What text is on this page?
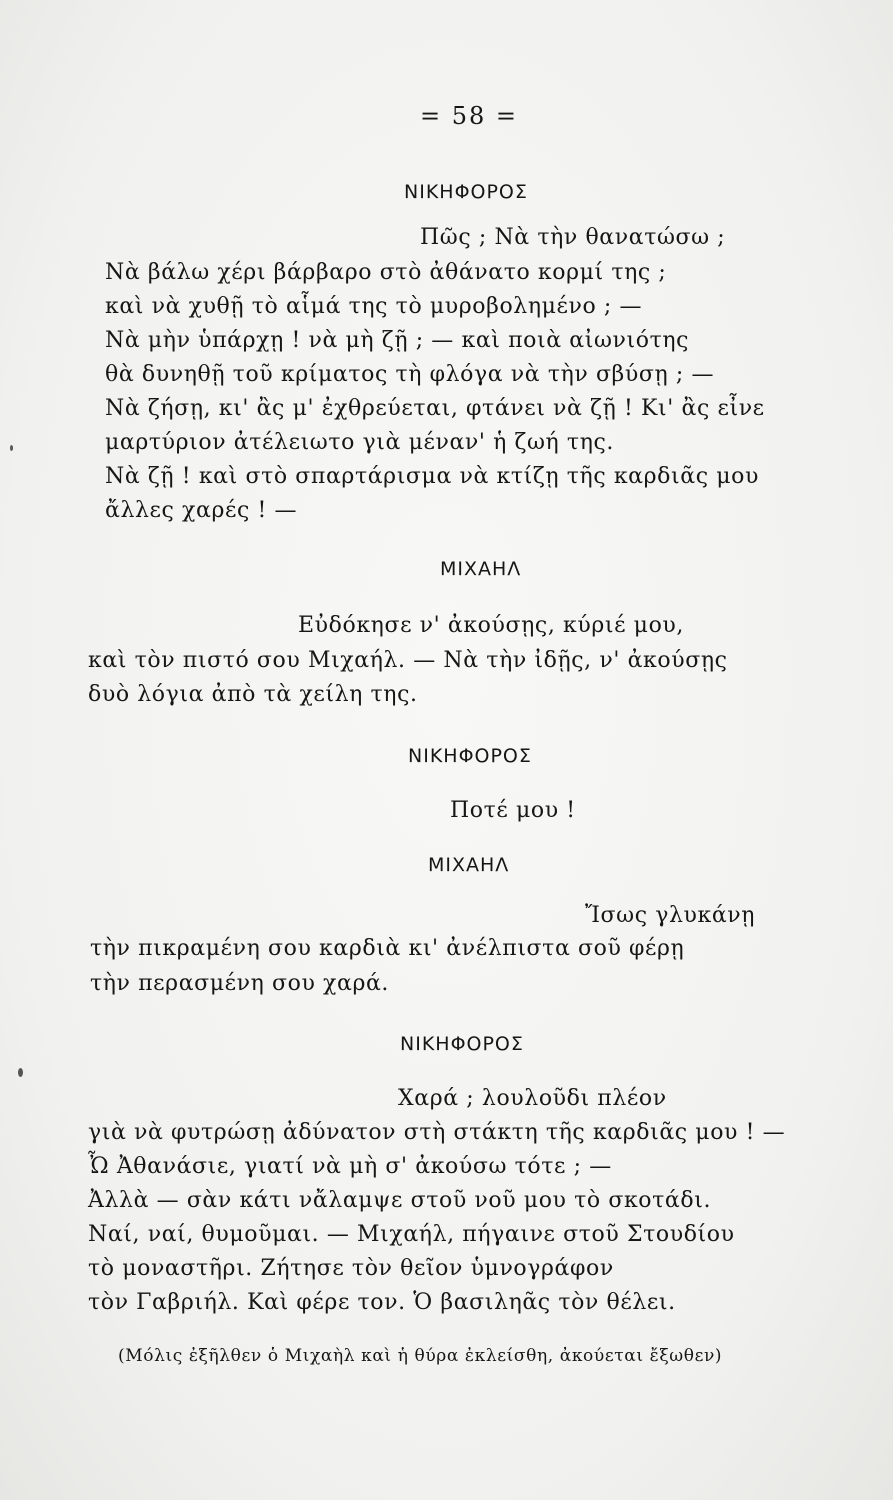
= 58 =
ΝΙΚΗΦΟΡΟΣ
Πῶς ; Νὰ τὴν θανατώσω ;
Νὰ βάλω χέρι βάρβαρο στὸ ἀθάνατο κορμί της ;
καὶ νὰ χυθῇ τὸ αἷμά της τὸ μυροβολημένο ; —
Νὰ μὴν ὑπάρχῃ ! νὰ μὴ ζῇ ; — καὶ ποιὰ αἰωνιότης
θὰ δυνηθῇ τοῦ κρίματος τὴ φλόγα νὰ τὴν σβύσῃ ; —
Νὰ ζήσῃ, κι' ἂς μ' ἐχθρεύεται, φτάνει νὰ ζῇ ! Κι' ἂς εἶνε
μαρτύριον ἀτέλειωτο γιὰ μέναν' ἡ ζωή της.
Νὰ ζῇ ! καὶ στὸ σπαρτάρισμα νὰ κτίζῃ τῆς καρδιᾶς μου
ἄλλες χαρές ! —
ΜΙΧΑΗΛ
Εὐδόκησε ν' ἀκούσῃς, κύριέ μου,
καὶ τὸν πιστό σου Μιχαήλ. — Νὰ τὴν ἰδῇς, ν' ἀκούσῃς
δυὸ λόγια ἀπὸ τὰ χείλη της.
ΝΙΚΗΦΟΡΟΣ
Ποτέ μου !
ΜΙΧΑΗΛ
Ἴσως γλυκάνῃ
τὴν πικραμένη σου καρδιὰ κι' ἀνέλπιστα σοῦ φέρῃ
τὴν περασμένη σου χαρά.
ΝΙΚΗΦΟΡΟΣ
Χαρά ; λουλοῦδι πλέον
γιὰ νὰ φυτρώσῃ ἀδύνατον στὴ στάκτη τῆς καρδιᾶς μου ! —
Ὦ Ἀθανάσιε, γιατί νὰ μὴ σ' ἀκούσω τότε ; —
Ἀλλὰ — σὰν κάτι νἄλαμψε στοῦ νοῦ μου τὸ σκοτάδι.
Ναί, ναί, θυμοῦμαι. — Μιχαήλ, πήγαινε στοῦ Στουδίου
τὸ μοναστῆρι. Ζήτησε τὸν θεῖον ὑμνογράφον
τὸν Γαβριήλ. Καὶ φέρε τον. Ὁ βασιληᾶς τὸν θέλει.
(Μόλις ἐξῆλθεν ὁ Μιχαὴλ καὶ ἡ θύρα ἐκλείσθη, ἀκούεται ἔξωθεν)
